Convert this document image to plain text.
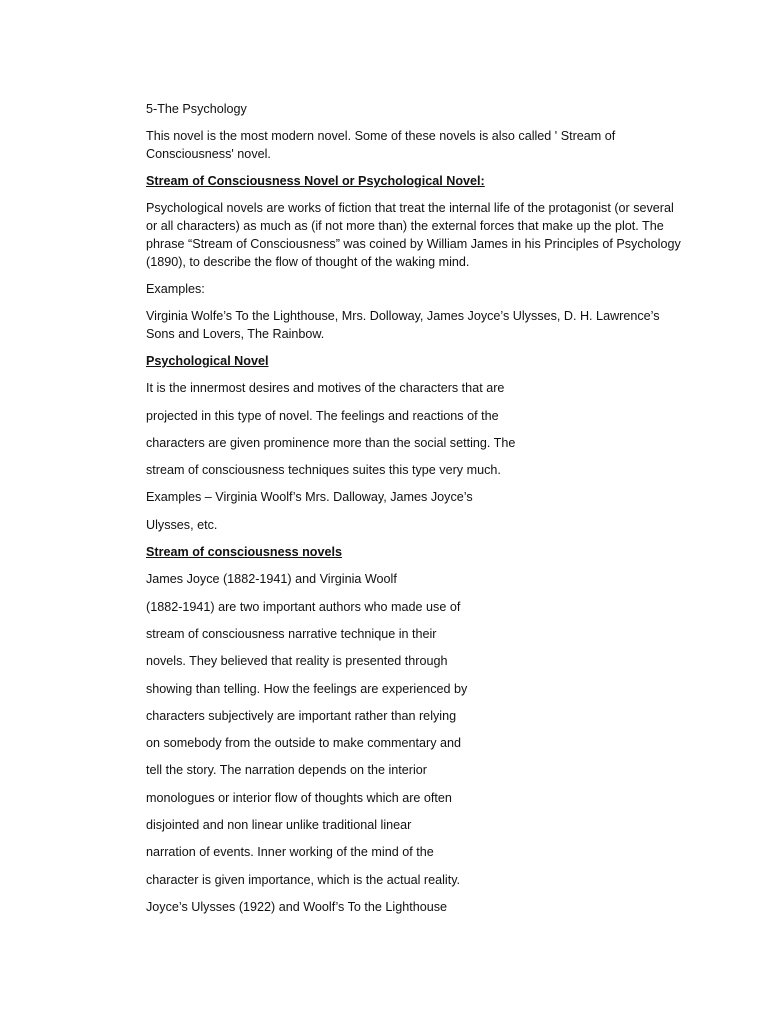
5-The Psychology

This novel is the most modern novel. Some of these novels is also called ' Stream of Consciousness' novel.

Stream of Consciousness Novel or Psychological Novel:

Psychological novels are works of fiction that treat the internal life of the protagonist (or several or all characters) as much as (if not more than) the external forces that make up the plot. The phrase “Stream of Consciousness” was coined by William James in his Principles of Psychology (1890), to describe the flow of thought of the waking mind.

Examples:

Virginia Wolfe’s To the Lighthouse, Mrs. Dolloway, James Joyce’s Ulysses, D. H. Lawrence’s Sons and Lovers, The Rainbow.

Psychological Novel
It is the innermost desires and motives of the characters that are
projected in this type of novel. The feelings and reactions of the
characters are given prominence more than the social setting. The
stream of consciousness techniques suites this type very much.
Examples – Virginia Woolf’s Mrs. Dalloway, James Joyce’s
Ulysses, etc.
Stream of consciousness novels
James Joyce (1882-1941) and Virginia Woolf
(1882-1941) are two important authors who made use of
stream of consciousness narrative technique in their
novels. They believed that reality is presented through
showing than telling. How the feelings are experienced by
characters subjectively are important rather than relying
on somebody from the outside to make commentary and
tell the story. The narration depends on the interior
monologues or interior flow of thoughts which are often
disjointed and non linear unlike traditional linear
narration of events. Inner working of the mind of the
character is given importance, which is the actual reality.
Joyce’s Ulysses (1922) and Woolf’s To the Lighthouse
